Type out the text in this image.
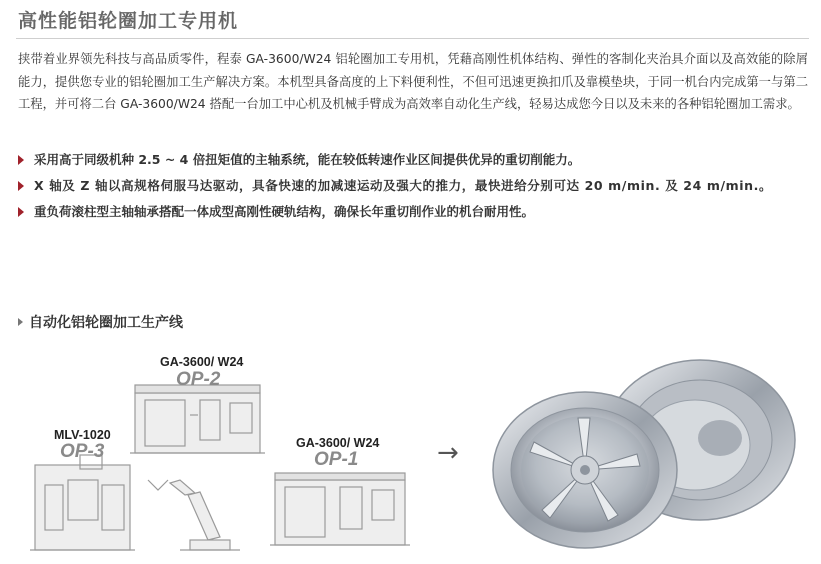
高性能铝轮圈加工专用机
挟带着业界领先科技与高品质零件，程泰 GA-3600/W24 铝轮圈加工专用机，凭藉高刚性机体结构、弹性的客制化夹治具介面以及高效能的除屑能力，提供您专业的铝轮圈加工生产解决方案。本机型具备高度的上下料便利性，不但可迅速更换扣爪及靠模垫块，于同一机台内完成第一与第二工程，并可将二台 GA-3600/W24 搭配一台加工中心机及机械手臂成为高效率自动化生产线，轻易达成您今日以及未来的各种铝轮圈加工需求。
采用高于同级机种 2.5 ~ 4 倍扭矩值的主轴系统，能在较低转速作业区间提供优异的重切削能力。
X 轴及 Z 轴以高规格伺服马达驱动，具备快速的加减速运动及强大的推力，最快进给分别可达 20 m/min. 及 24 m/min.。
重负荷滚柱型主轴轴承搭配一体成型高刚性硬轨结构，确保长年重切削作业的机台耐用性。
自动化铝轮圈加工生产线
GA-3600/ W24
OP-2
MLV-1020
OP-3	GA-3600/ W24
OP-1	→
